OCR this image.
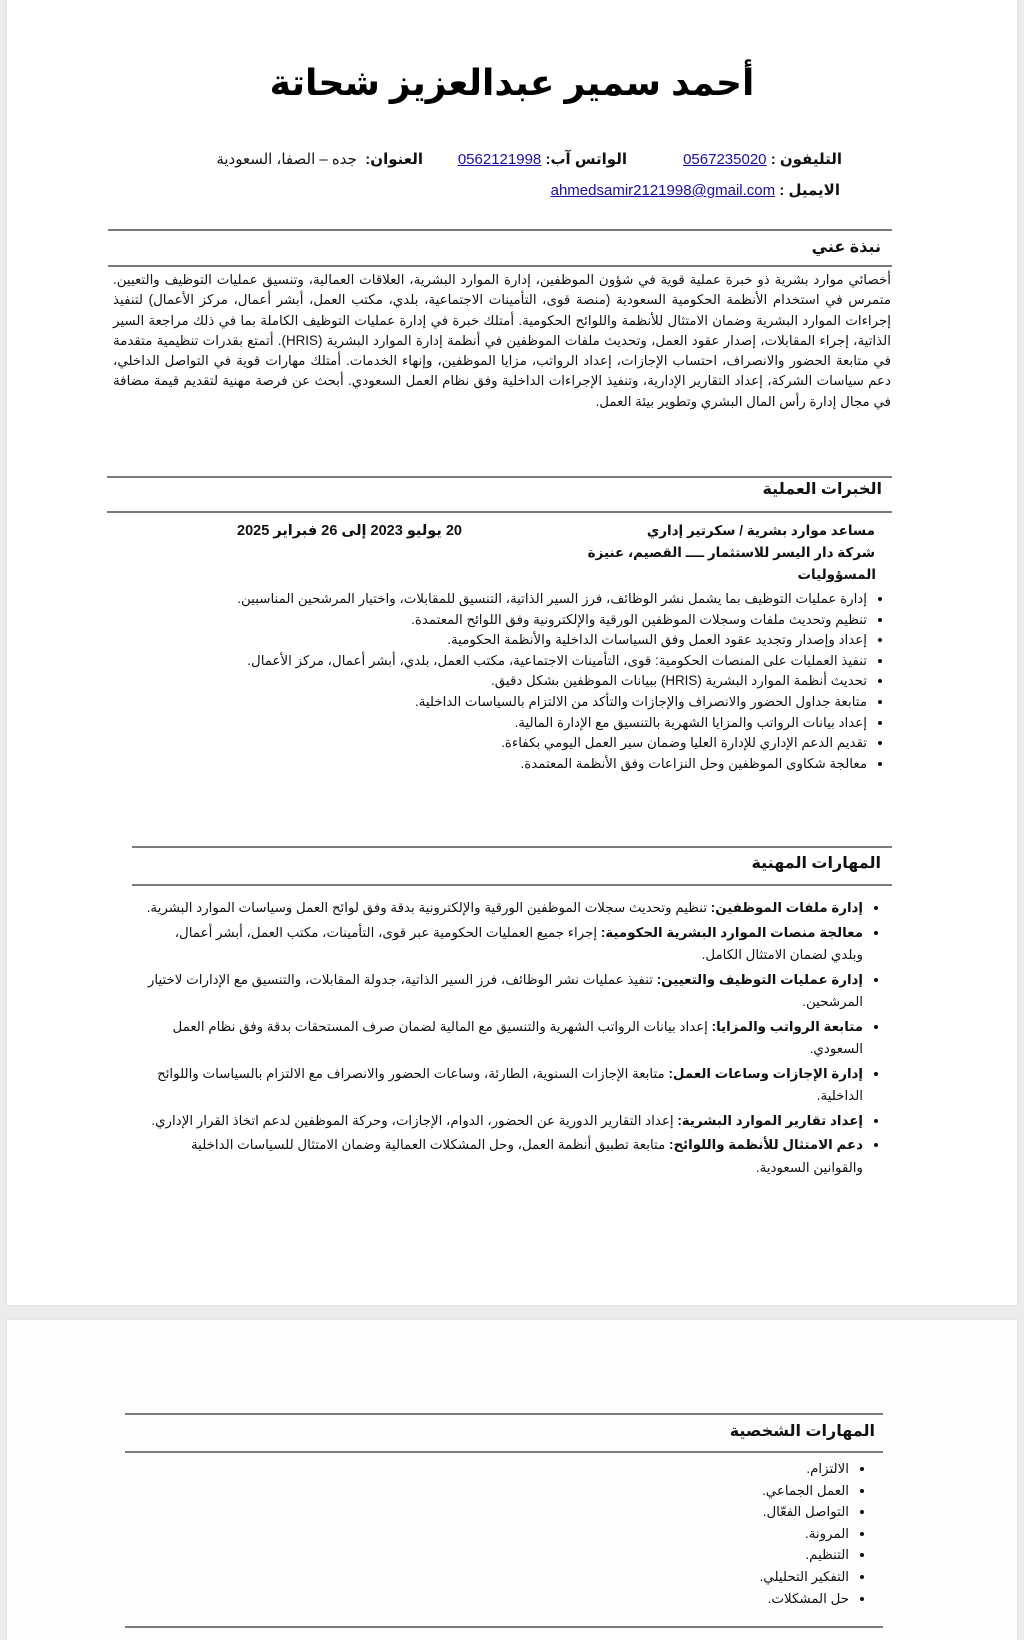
أحمد سمير عبدالعزيز شحاتة
التليفون : 0567235020
الواتس آب: 0562121998
العنوان:  جده – الصفا، السعودية
الايميل : ahmedsamir2121998@gmail.com
نبذة عني
أخصائي موارد بشرية ذو خبرة عملية قوية في شؤون الموظفين، إدارة الموارد البشرية، العلاقات العمالية، وتنسيق عمليات التوظيف والتعيين. متمرس في استخدام الأنظمة الحكومية السعودية (منصة قوى، التأمينات الاجتماعية، بلدي، مكتب العمل، أبشر أعمال، مركز الأعمال) لتنفيذ إجراءات الموارد البشرية وضمان الامتثال للأنظمة واللوائح الحكومية. أمتلك خبرة في إدارة عمليات التوظيف الكاملة بما في ذلك مراجعة السير الذاتية، إجراء المقابلات، إصدار عقود العمل، وتحديث ملفات الموظفين في أنظمة إدارة الموارد البشرية (HRIS). أتمتع بقدرات تنظيمية متقدمة في متابعة الحضور والانصراف، احتساب الإجازات، إعداد الرواتب، مزايا الموظفين، وإنهاء الخدمات. أمتلك مهارات قوية في التواصل الداخلي، دعم سياسات الشركة، إعداد التقارير الإدارية، وتنفيذ الإجراءات الداخلية وفق نظام العمل السعودي. أبحث عن فرصة مهنية لتقديم قيمة مضافة في مجال إدارة رأس المال البشري وتطوير بيئة العمل.
الخبرات العملية
مساعد موارد بشرية / سكرتير إداري
20 يوليو 2023 إلى 26 فبراير 2025
شركة دار اليسر للاستثمار ــــ القصيم، عنيزة
المسؤوليات
• إدارة عمليات التوظيف بما يشمل نشر الوظائف، فرز السير الذاتية، التنسيق للمقابلات، واختيار المرشحين المناسبين.
• تنظيم وتحديث ملفات وسجلات الموظفين الورقية والإلكترونية وفق اللوائح المعتمدة.
• إعداد وإصدار وتجديد عقود العمل وفق السياسات الداخلية والأنظمة الحكومية.
• تنفيذ العمليات على المنصات الحكومية: قوى، التأمينات الاجتماعية، مكتب العمل، بلدي، أبشر أعمال، مركز الأعمال.
• تحديث أنظمة الموارد البشرية (HRIS) ببيانات الموظفين بشكل دقيق.
• متابعة جداول الحضور والانصراف والإجازات والتأكد من الالتزام بالسياسات الداخلية.
• إعداد بيانات الرواتب والمزايا الشهرية بالتنسيق مع الإدارة المالية.
• تقديم الدعم الإداري للإدارة العليا وضمان سير العمل اليومي بكفاءة.
• معالجة شكاوى الموظفين وحل النزاعات وفق الأنظمة المعتمدة.
المهارات المهنية
• إدارة ملفات الموظفين: تنظيم وتحديث سجلات الموظفين الورقية والإلكترونية بدقة وفق لوائح العمل وسياسات الموارد البشرية.
• معالجة منصات الموارد البشرية الحكومية: إجراء جميع العمليات الحكومية عبر قوى، التأمينات، مكتب العمل، أبشر أعمال، وبلدي لضمان الامتثال الكامل.
• إدارة عمليات التوظيف والتعيين: تنفيذ عمليات نشر الوظائف، فرز السير الذاتية، جدولة المقابلات، والتنسيق مع الإدارات لاختيار المرشحين.
• متابعة الرواتب والمزايا: إعداد بيانات الرواتب الشهرية والتنسيق مع المالية لضمان صرف المستحقات بدقة وفق نظام العمل السعودي.
• إدارة الإجازات وساعات العمل: متابعة الإجازات السنوية، الطارئة، وساعات الحضور والانصراف مع الالتزام بالسياسات واللوائح الداخلية.
• إعداد تقارير الموارد البشرية: إعداد التقارير الدورية عن الحضور، الدوام، الإجازات، وحركة الموظفين لدعم اتخاذ القرار الإداري.
• دعم الامتثال للأنظمة واللوائح: متابعة تطبيق أنظمة العمل، وحل المشكلات العمالية وضمان الامتثال للسياسات الداخلية والقوانين السعودية.
المهارات الشخصية
• الالتزام.
• العمل الجماعي.
• التواصل الفعّال.
• المرونة.
• التنظيم.
• التفكير التحليلي.
• حل المشكلات.
